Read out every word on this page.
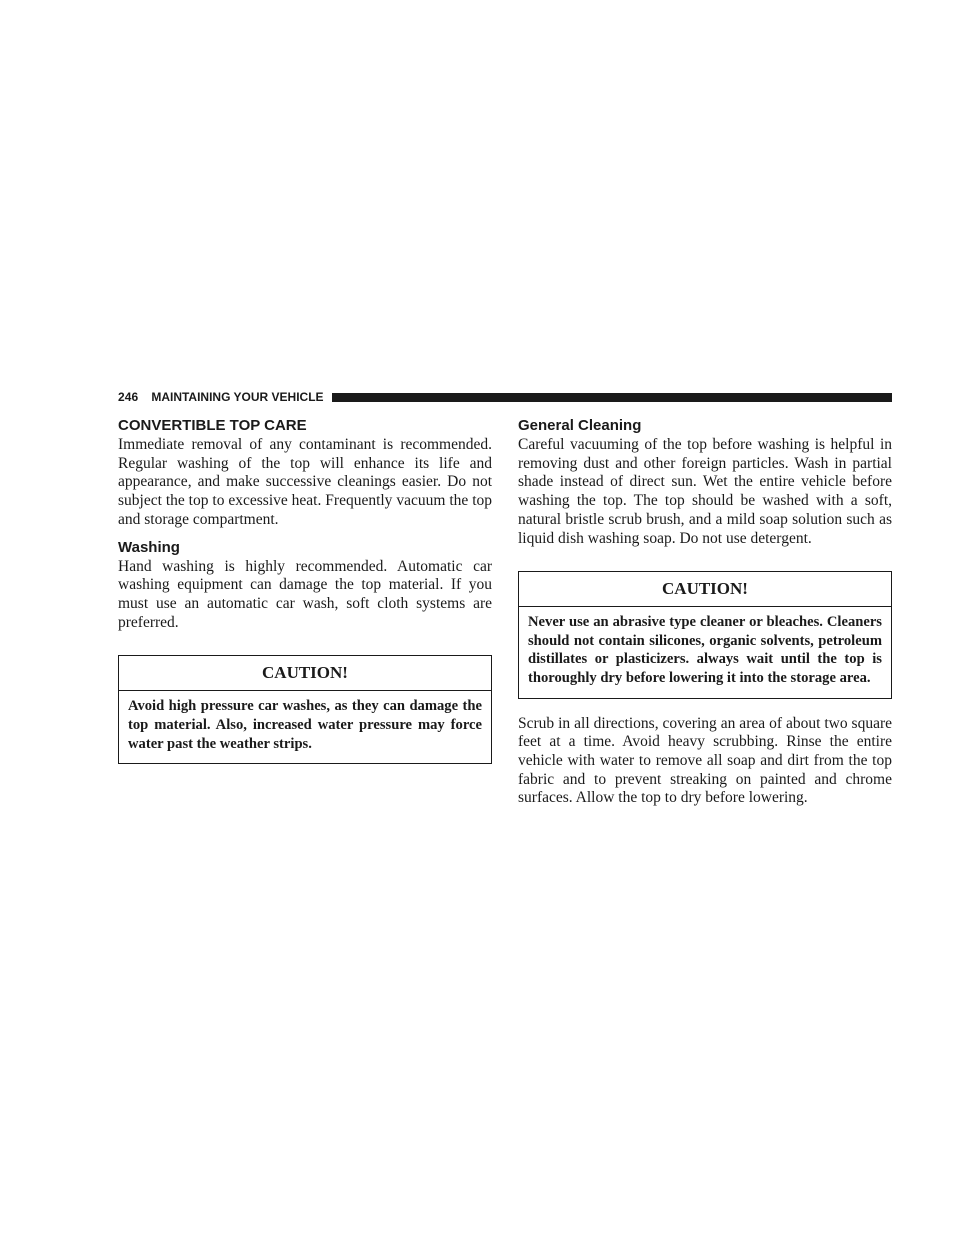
246 MAINTAINING YOUR VEHICLE
CONVERTIBLE TOP CARE

Immediate removal of any contaminant is recommended. Regular washing of the top will enhance its life and appearance, and make successive cleanings easier. Do not subject the top to excessive heat. Frequently vacuum the top and storage compartment.

Washing

Hand washing is highly recommended. Automatic car washing equipment can damage the top material. If you must use an automatic car wash, soft cloth systems are preferred.

CAUTION!
Avoid high pressure car washes, as they can damage the top material. Also, increased water pressure may force water past the weather strips.
General Cleaning

Careful vacuuming of the top before washing is helpful in removing dust and other foreign particles. Wash in partial shade instead of direct sun. Wet the entire vehicle before washing the top. The top should be washed with a soft, natural bristle scrub brush, and a mild soap solution such as liquid dish washing soap. Do not use detergent.

CAUTION!
Never use an abrasive type cleaner or bleaches. Cleaners should not contain silicones, organic solvents, petroleum distillates or plasticizers. always wait until the top is thoroughly dry before lowering it into the storage area.

Scrub in all directions, covering an area of about two square feet at a time. Avoid heavy scrubbing. Rinse the entire vehicle with water to remove all soap and dirt from the top fabric and to prevent streaking on painted and chrome surfaces. Allow the top to dry before lowering.
